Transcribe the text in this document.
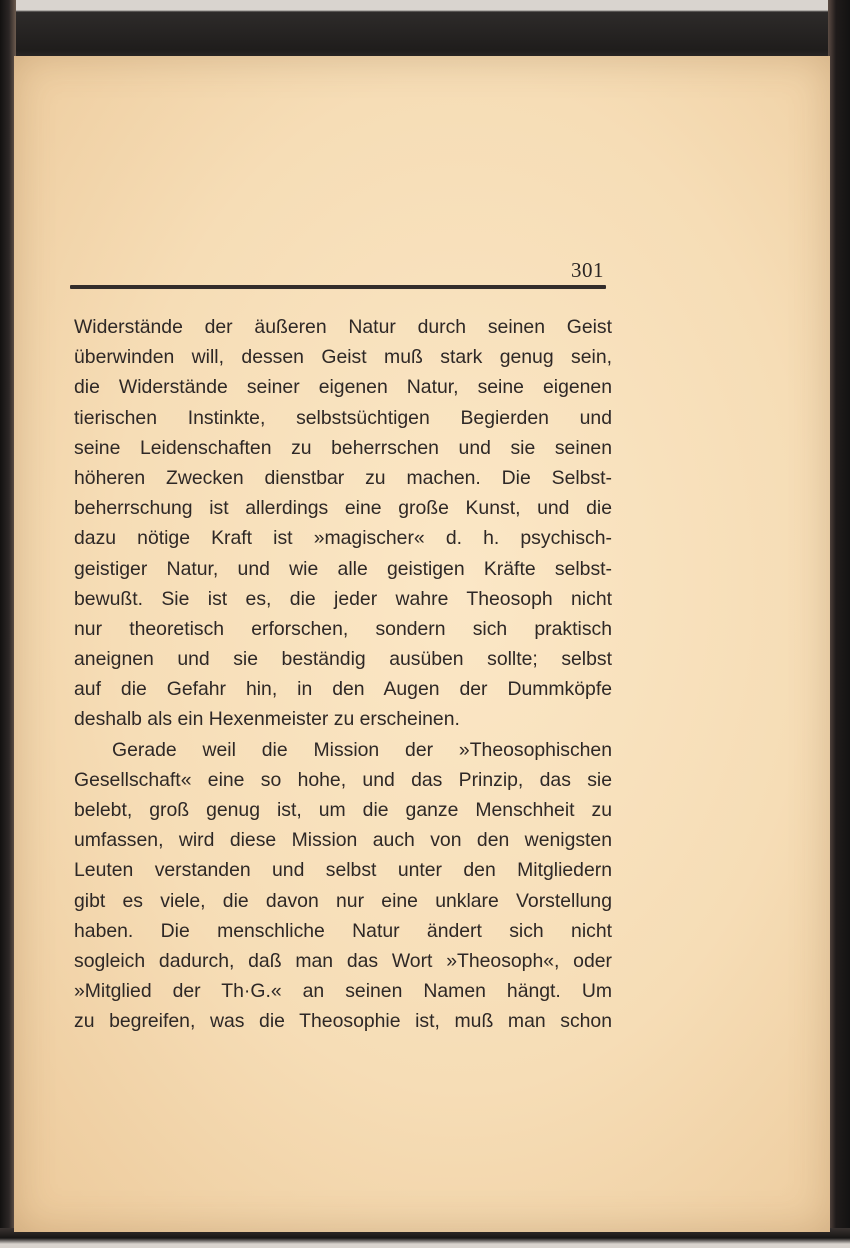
301
Widerstände der äußeren Natur durch seinen Geist
überwinden will, dessen Geist muß stark genug sein,
die Widerstände seiner eigenen Natur, seine eigenen
tierischen Instinkte, selbstsüchtigen Begierden und
seine Leidenschaften zu beherrschen und sie seinen
höheren Zwecken dienstbar zu machen. Die Selbst-
beherrschung ist allerdings eine große Kunst, und die
dazu nötige Kraft ist »magischer« d. h. psychisch-
geistiger Natur, und wie alle geistigen Kräfte selbst-
bewußt. Sie ist es, die jeder wahre Theosoph nicht
nur theoretisch erforschen, sondern sich praktisch
aneignen und sie beständig ausüben sollte; selbst
auf die Gefahr hin, in den Augen der Dummköpfe
deshalb als ein Hexenmeister zu erscheinen.
Gerade weil die Mission der »Theosophischen
Gesellschaft« eine so hohe, und das Prinzip, das sie
belebt, groß genug ist, um die ganze Menschheit zu
umfassen, wird diese Mission auch von den wenigsten
Leuten verstanden und selbst unter den Mitgliedern
gibt es viele, die davon nur eine unklare Vorstellung
haben. Die menschliche Natur ändert sich nicht
sogleich dadurch, daß man das Wort »Theosoph«, oder
»Mitglied der Th·G.« an seinen Namen hängt. Um
zu begreifen, was die Theosophie ist, muß man schon
